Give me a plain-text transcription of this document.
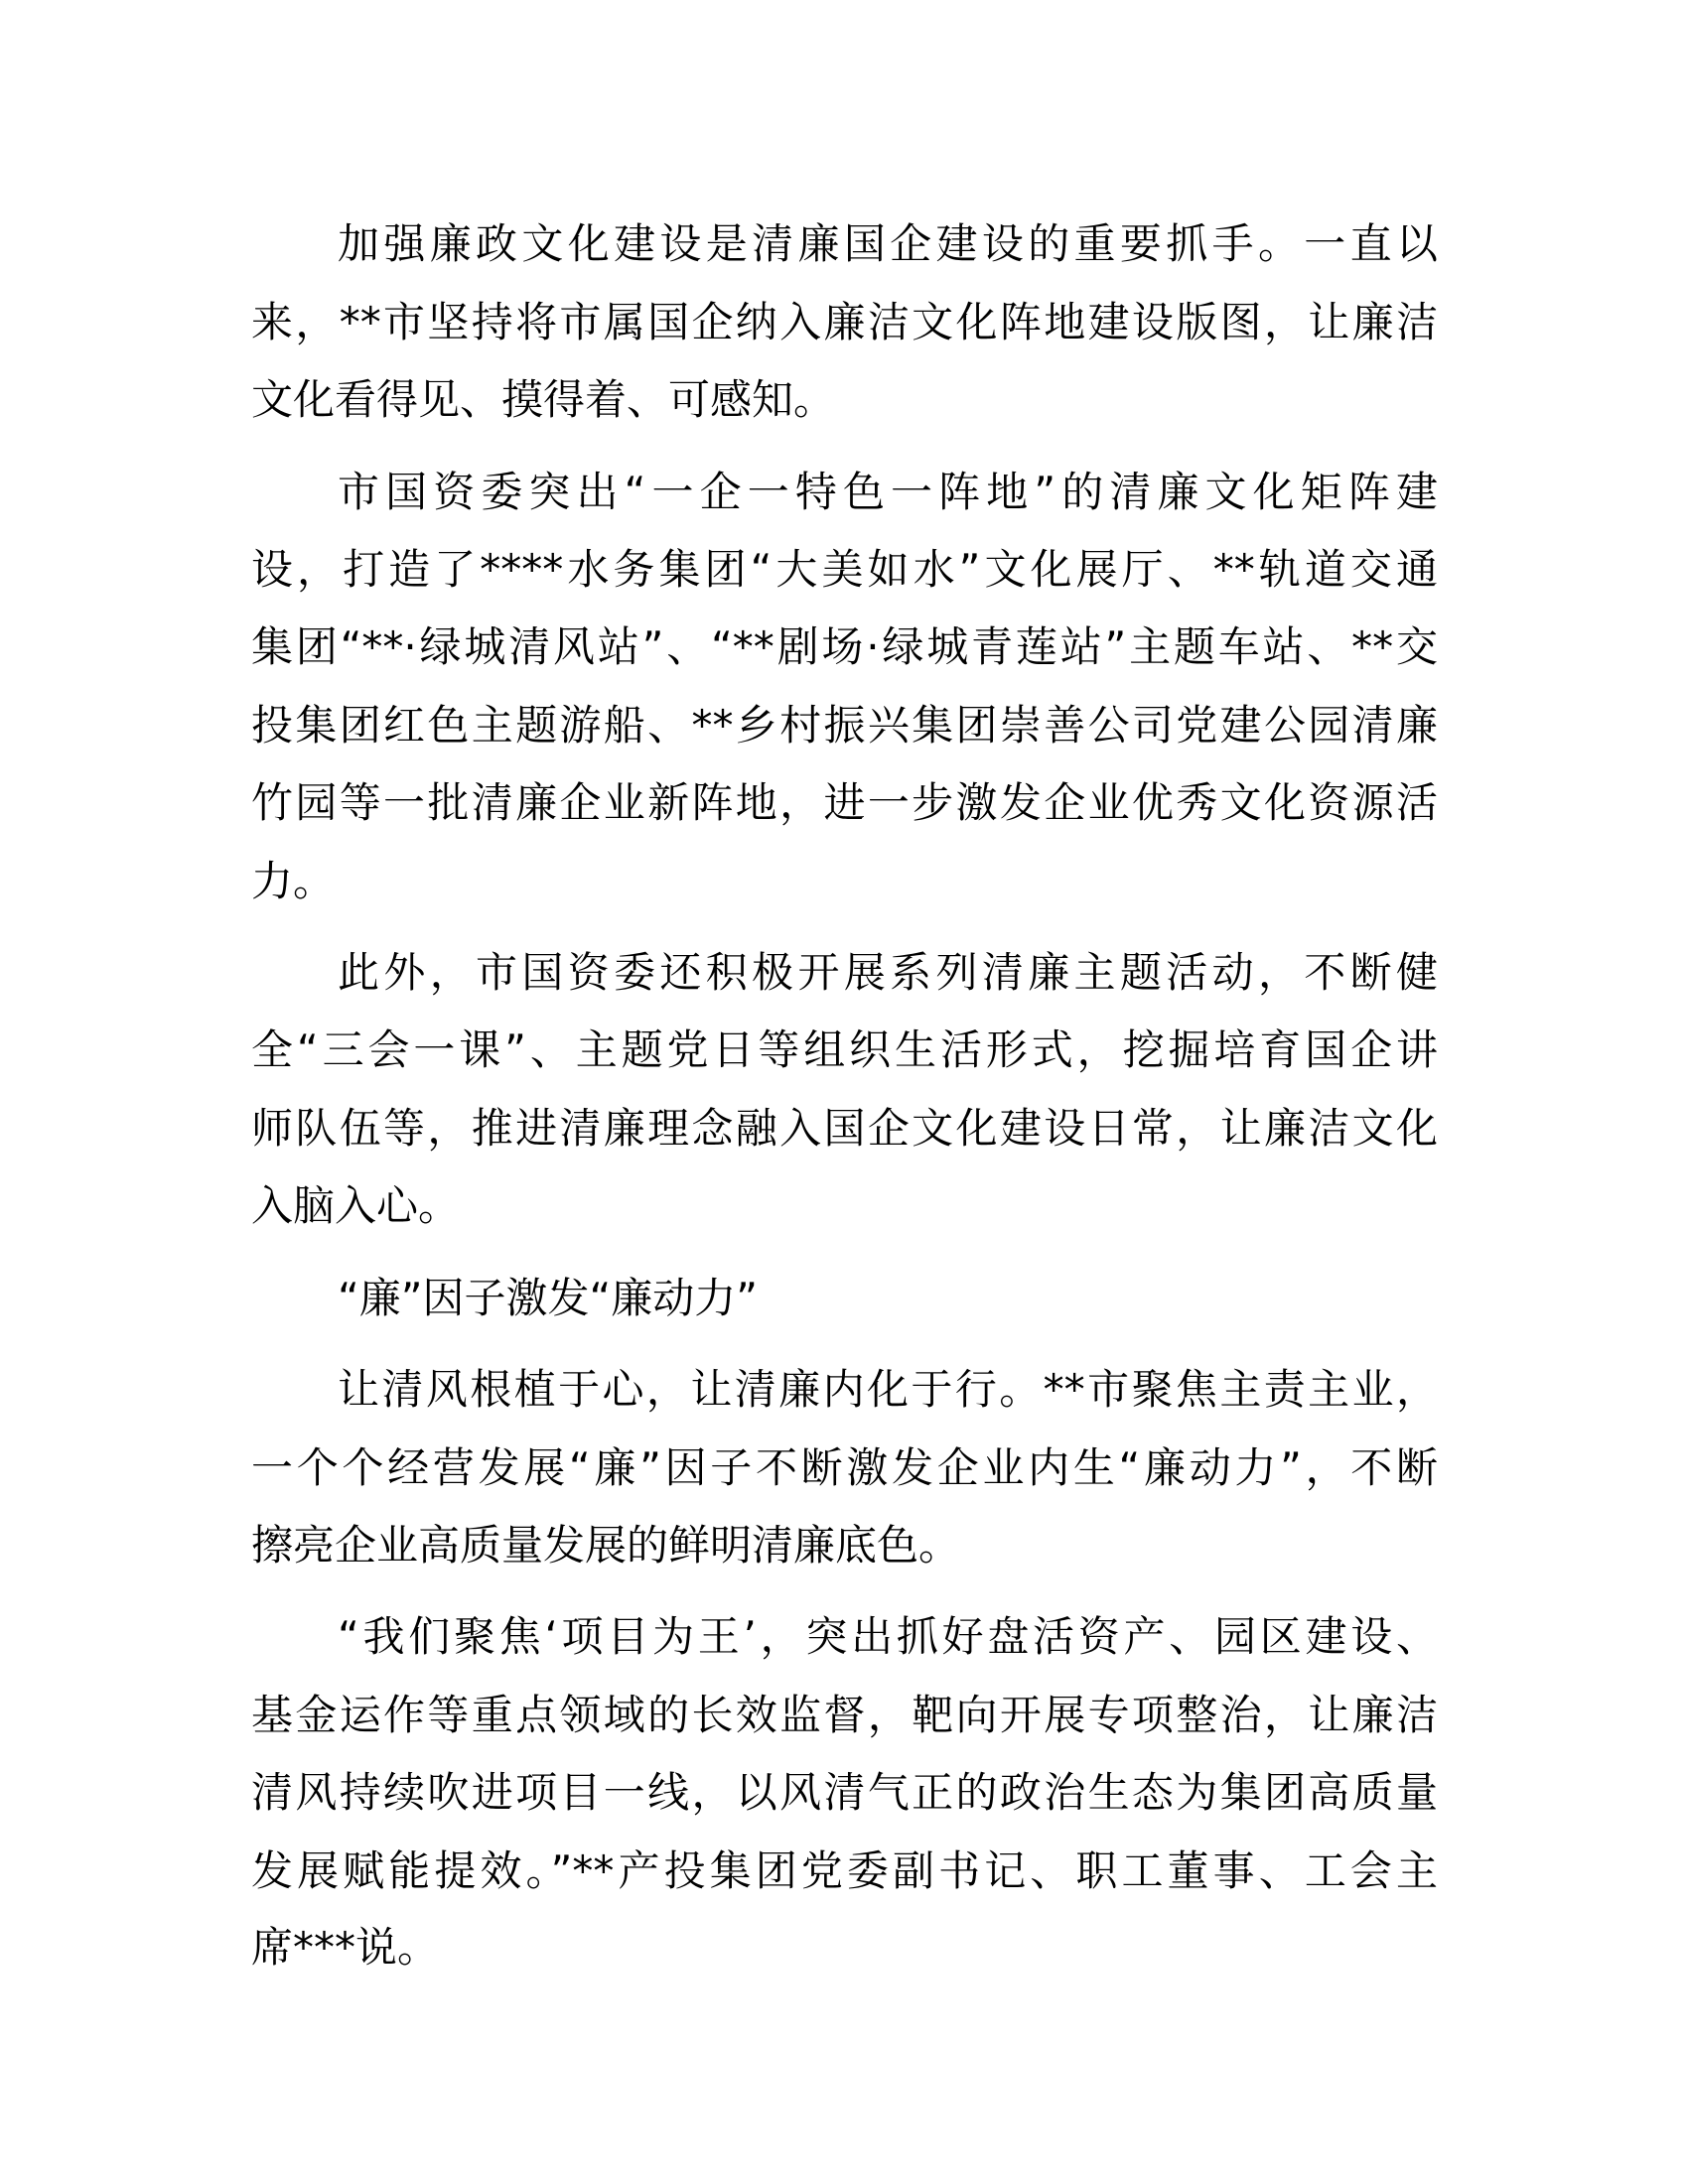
加强廉政文化建设是清廉国企建设的重要抓手。一直以
来，**市坚持将市属国企纳入廉洁文化阵地建设版图，让廉洁
文化看得见、摸得着、可感知。
市国资委突出“一企一特色一阵地”的清廉文化矩阵建
设，打造了****水务集团“大美如水”文化展厅、**轨道交通
集团“**·绿城清风站”、“**剧场·绿城青莲站”主题车站、**交
投集团红色主题游船、**乡村振兴集团崇善公司党建公园清廉
竹园等一批清廉企业新阵地，进一步激发企业优秀文化资源活
力。
此外，市国资委还积极开展系列清廉主题活动，不断健
全“三会一课”、主题党日等组织生活形式，挖掘培育国企讲
师队伍等，推进清廉理念融入国企文化建设日常，让廉洁文化
入脑入心。
“廉”因子激发“廉动力”
让清风根植于心，让清廉内化于行。**市聚焦主责主业，
一个个经营发展“廉”因子不断激发企业内生“廉动力”，不断
擦亮企业高质量发展的鲜明清廉底色。
“我们聚焦‘项目为王’，突出抓好盘活资产、园区建设、
基金运作等重点领域的长效监督，靶向开展专项整治，让廉洁
清风持续吹进项目一线，以风清气正的政治生态为集团高质量
发展赋能提效。”**产投集团党委副书记、职工董事、工会主
席***说。
